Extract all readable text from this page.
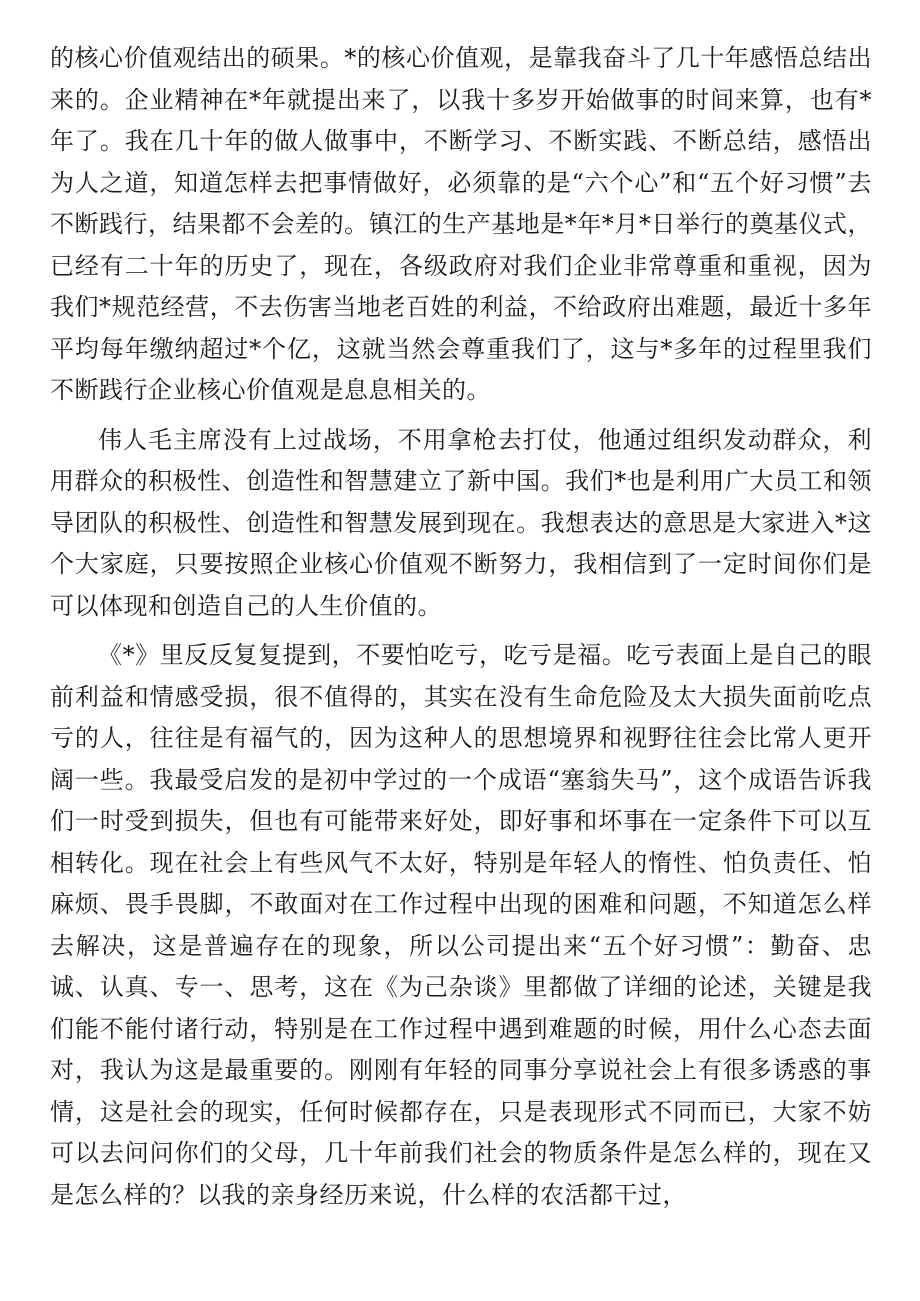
的核心价值观结出的硕果。*的核心价值观，是靠我奋斗了几十年感悟总结出来的。企业精神在*年就提出来了，以我十多岁开始做事的时间来算，也有*年了。我在几十年的做人做事中，不断学习、不断实践、不断总结，感悟出为人之道，知道怎样去把事情做好，必须靠的是“六个心”和“五个好习惯”去不断践行，结果都不会差的。镇江的生产基地是*年*月*日举行的奠基仪式，已经有二十年的历史了，现在，各级政府对我们企业非常尊重和重视，因为我们*规范经营，不去伤害当地老百姓的利益，不给政府出难题，最近十多年平均每年缴纳超过*个亿，这就当然会尊重我们了，这与*多年的过程里我们不断践行企业核心价值观是息息相关的。

伟人毛主席没有上过战场，不用拿枪去打仗，他通过组织发动群众，利用群众的积极性、创造性和智慧建立了新中国。我们*也是利用广大员工和领导团队的积极性、创造性和智慧发展到现在。我想表达的意思是大家进入*这个大家庭，只要按照企业核心价值观不断努力，我相信到了一定时间你们是可以体现和创造自己的人生价值的。

《*》里反反复复提到，不要怕吃亏，吃亏是福。吃亏表面上是自己的眼前利益和情感受损，很不值得的，其实在没有生命危险及太大损失面前吃点亏的人，往往是有福气的，因为这种人的思想境界和视野往往会比常人更开阔一些。我最受启发的是初中学过的一个成语“塞翁失马”，这个成语告诉我们一时受到损失，但也有可能带来好处，即好事和坏事在一定条件下可以互相转化。现在社会上有些风气不太好，特别是年轻人的惰性、怕负责任、怕麻烦、畏手畏脚，不敢面对在工作过程中出现的困难和问题，不知道怎么样去解决，这是普遍存在的现象，所以公司提出来“五个好习惯”：勤奋、忠诚、认真、专一、思考，这在《为己杂谈》里都做了详细的论述，关键是我们能不能付诸行动，特别是在工作过程中遇到难题的时候，用什么心态去面对，我认为这是最重要的。刚刚有年轻的同事分享说社会上有很多诱惑的事情，这是社会的现实，任何时候都存在，只是表现形式不同而已，大家不妨可以去问问你们的父母，几十年前我们社会的物质条件是怎么样的，现在又是怎么样的？以我的亲身经历来说，什么样的农活都干过，
